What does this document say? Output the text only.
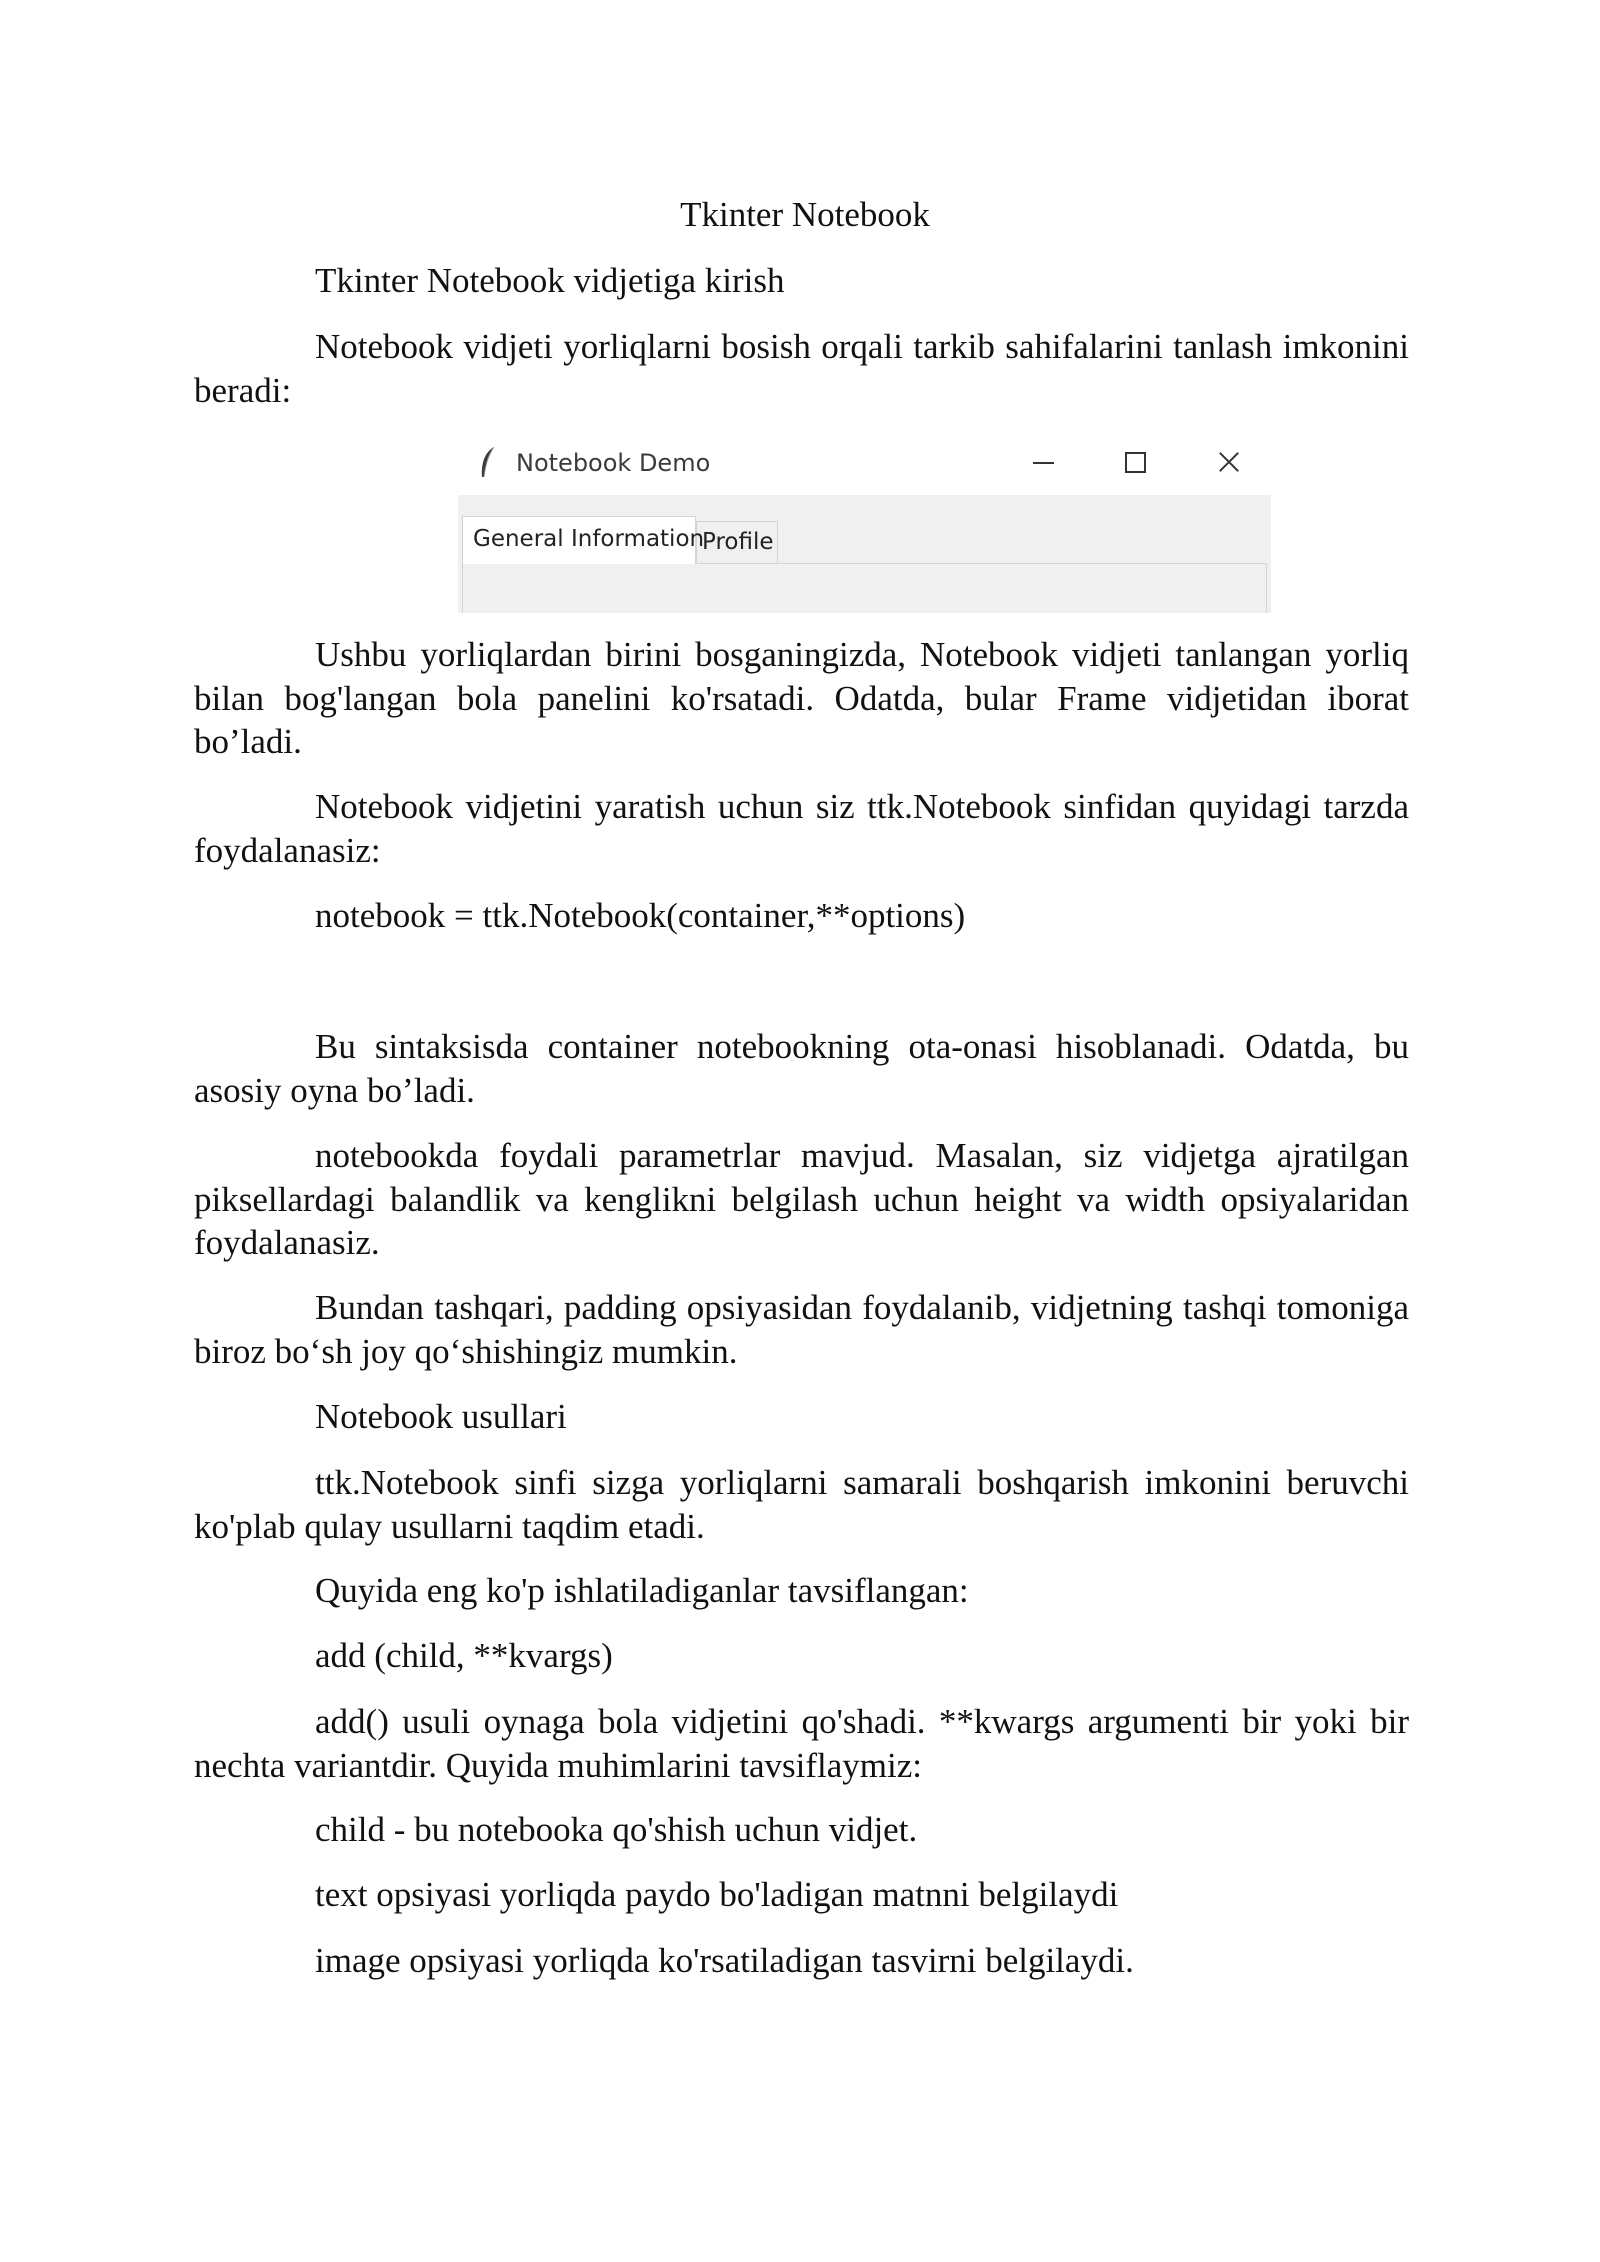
Tkinter Notebook

Tkinter Notebook vidjetiga kirish

Notebook vidjeti yorliqlarni bosish orqali tarkib sahifalarini tanlash imkonini beradi:

Notebook Demo
General Information
Profile

Ushbu yorliqlardan birini bosganingizda, Notebook vidjeti tanlangan yorliq bilan bog'langan bola panelini ko'rsatadi. Odatda, bular Frame vidjetidan iborat bo’ladi.

Notebook vidjetini yaratish uchun siz ttk.Notebook sinfidan quyidagi tarzda foydalanasiz:

notebook = ttk.Notebook(container,**options)

Bu sintaksisda container notebookning ota-onasi hisoblanadi. Odatda, bu asosiy oyna bo’ladi.

notebookda foydali parametrlar mavjud. Masalan, siz vidjetga ajratilgan piksellardagi balandlik va kenglikni belgilash uchun height va width opsiyalaridan foydalanasiz.

Bundan tashqari, padding opsiyasidan foydalanib, vidjetning tashqi tomoniga biroz bo‘sh joy qo‘shishingiz mumkin.

Notebook usullari

ttk.Notebook sinfi sizga yorliqlarni samarali boshqarish imkonini beruvchi ko'plab qulay usullarni taqdim etadi.

Quyida eng ko'p ishlatiladiganlar tavsiflangan:

add (child, **kvargs)

add() usuli oynaga bola vidjetini qo'shadi. **kwargs argumenti bir yoki bir nechta variantdir. Quyida muhimlarini tavsiflaymiz:

child - bu notebooka qo'shish uchun vidjet.

text opsiyasi yorliqda paydo bo'ladigan matnni belgilaydi

image opsiyasi yorliqda ko'rsatiladigan tasvirni belgilaydi.
